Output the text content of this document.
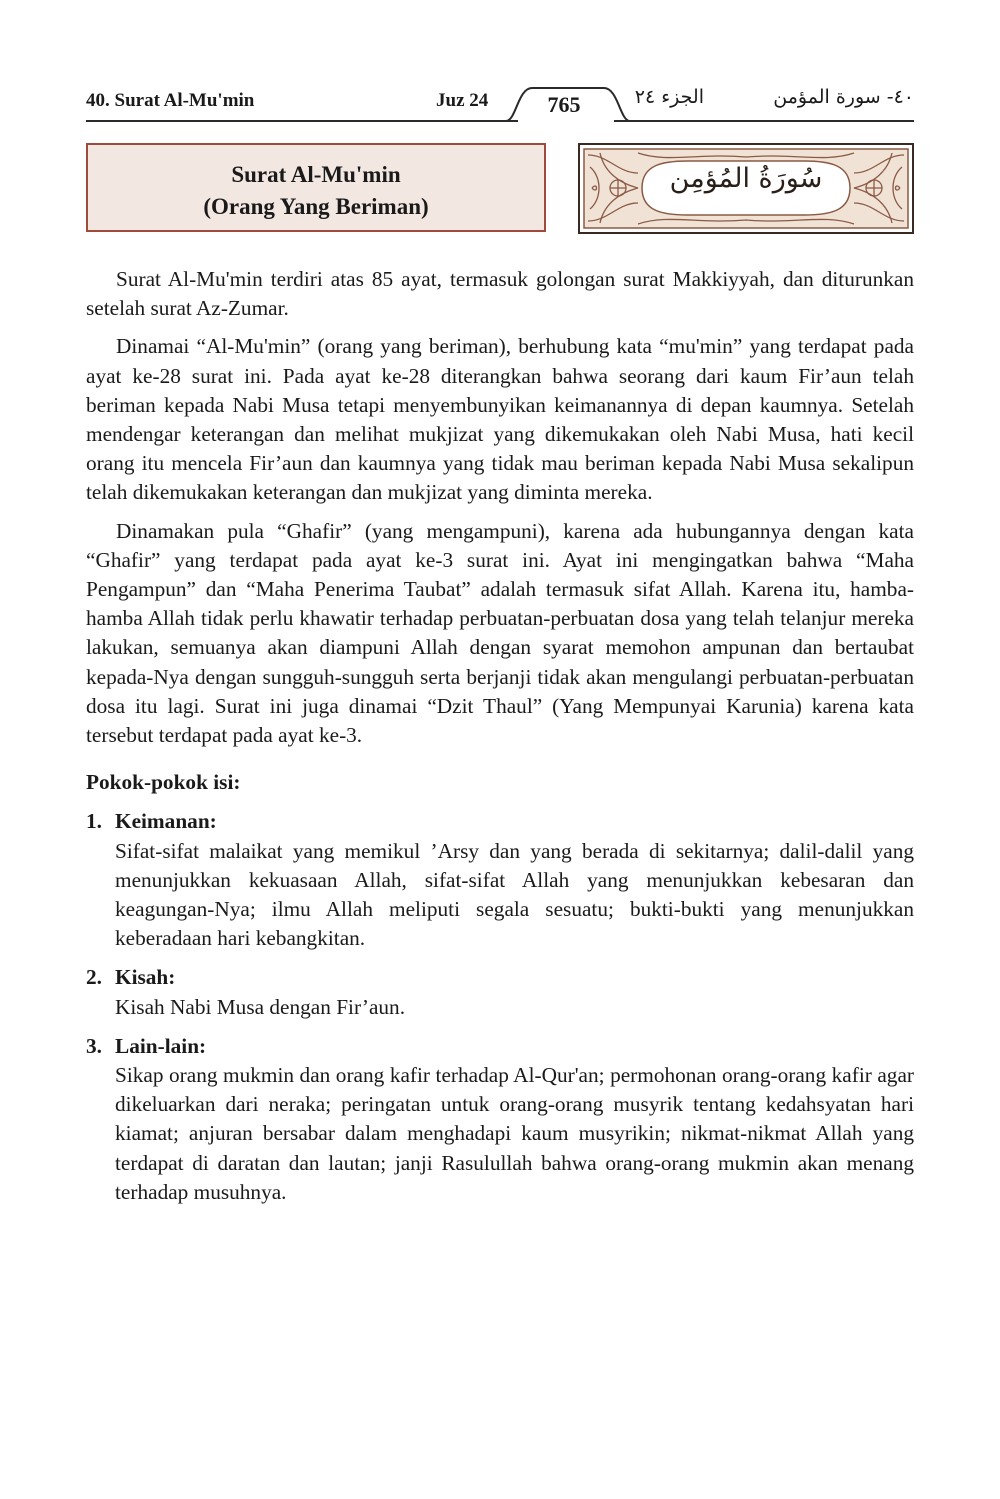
40. Surat Al-Mu'min	Juz 24	765	الجزء ٢٤	٤٠- سورة المؤمن
Surat Al-Mu'min
(Orang Yang Beriman)
سُورَةُ المُؤمِن

Surat Al-Mu'min terdiri atas 85 ayat, termasuk golongan surat Makkiyyah, dan diturunkan setelah surat Az-Zumar.

Dinamai “Al-Mu'min” (orang yang beriman), berhubung kata “mu'min” yang terdapat pada ayat ke-28 surat ini. Pada ayat ke-28 diterangkan bahwa seorang dari kaum Fir’aun telah beriman kepada Nabi Musa tetapi menyembunyikan keimanannya di depan kaumnya. Setelah mendengar keterangan dan melihat mukjizat yang dikemukakan oleh Nabi Musa, hati kecil orang itu mencela Fir’aun dan kaumnya yang tidak mau beriman kepada Nabi Musa sekalipun telah dikemukakan keterangan dan mukjizat yang diminta mereka.

Dinamakan pula “Ghafir” (yang mengampuni), karena ada hubungannya dengan kata “Ghafir” yang terdapat pada ayat ke-3 surat ini. Ayat ini mengingatkan bahwa “Maha Pengampun” dan “Maha Penerima Taubat” adalah termasuk sifat Allah. Karena itu, hamba-hamba Allah tidak perlu khawatir terhadap perbuatan-perbuatan dosa yang telah telanjur mereka lakukan, semuanya akan diampuni Allah dengan syarat memohon ampunan dan bertaubat kepada-Nya dengan sungguh-sungguh serta berjanji tidak akan mengulangi perbuatan-perbuatan dosa itu lagi. Surat ini juga dinamai “Dzit Thaul” (Yang Mempunyai Karunia) karena kata tersebut terdapat pada ayat ke-3.

Pokok-pokok isi:
1. Keimanan:
Sifat-sifat malaikat yang memikul ’Arsy dan yang berada di sekitarnya; dalil-dalil yang menunjukkan kekuasaan Allah, sifat-sifat Allah yang menunjukkan kebesaran dan keagungan-Nya; ilmu Allah meliputi segala sesuatu; bukti-bukti yang menunjukkan keberadaan hari kebangkitan.
2. Kisah:
Kisah Nabi Musa dengan Fir’aun.
3. Lain-lain:
Sikap orang mukmin dan orang kafir terhadap Al-Qur'an; permohonan orang-orang kafir agar dikeluarkan dari neraka; peringatan untuk orang-orang musyrik tentang kedahsyatan hari kiamat; anjuran bersabar dalam menghadapi kaum musyrikin; nikmat-nikmat Allah yang terdapat di daratan dan lautan; janji Rasulullah bahwa orang-orang mukmin akan menang terhadap musuhnya.
